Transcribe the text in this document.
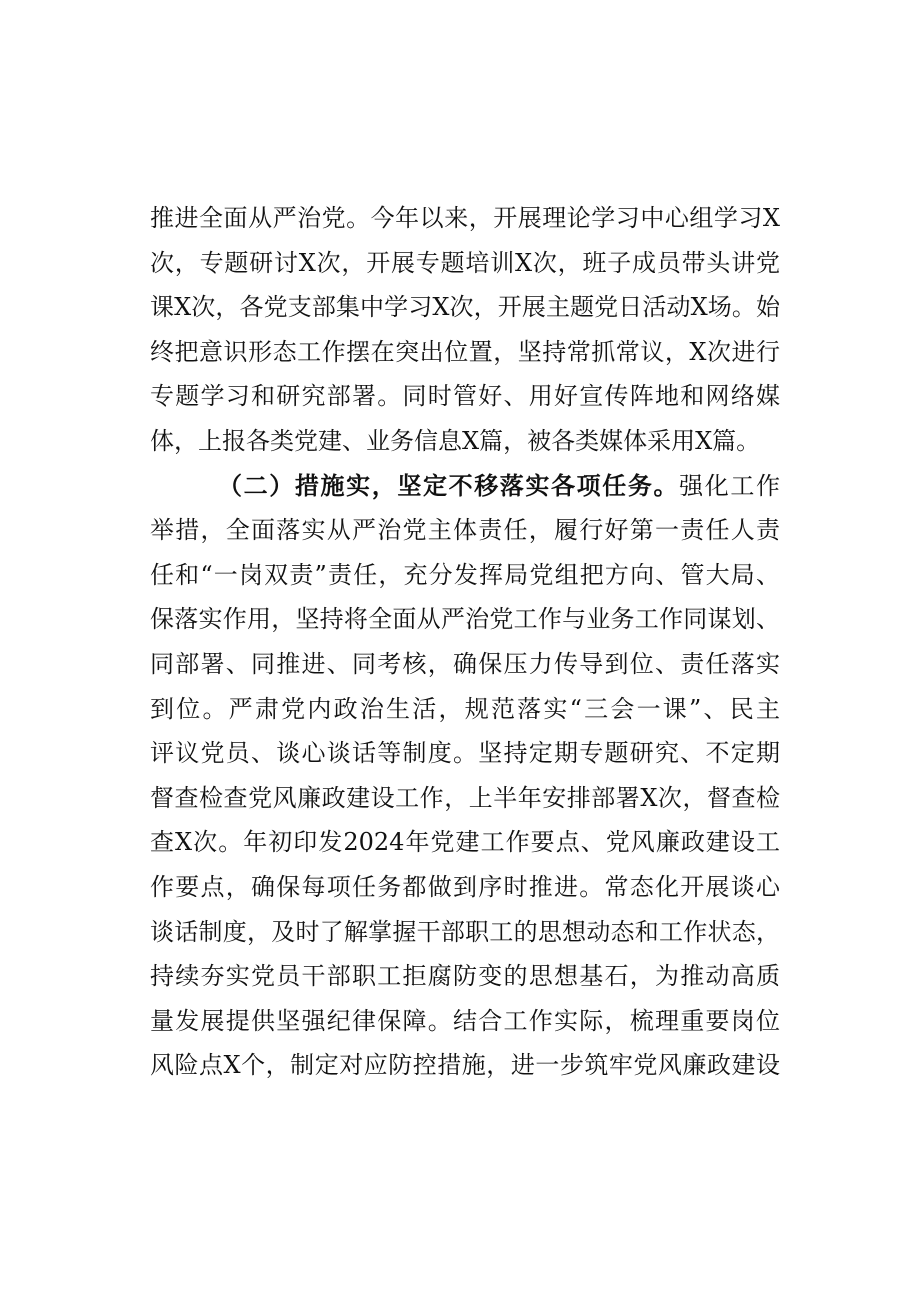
推进全面从严治党。今年以来，开展理论学习中心组学习X
次，专题研讨X次，开展专题培训X次，班子成员带头讲党
课X次，各党支部集中学习X次，开展主题党日活动X场。始
终把意识形态工作摆在突出位置，坚持常抓常议，X次进行
专题学习和研究部署。同时管好、用好宣传阵地和网络媒
体，上报各类党建、业务信息X篇，被各类媒体采用X篇。
（二）措施实，坚定不移落实各项任务。强化工作
举措，全面落实从严治党主体责任，履行好第一责任人责
任和“一岗双责”责任，充分发挥局党组把方向、管大局、
保落实作用，坚持将全面从严治党工作与业务工作同谋划、
同部署、同推进、同考核，确保压力传导到位、责任落实
到位。严肃党内政治生活，规范落实“三会一课”、民主
评议党员、谈心谈话等制度。坚持定期专题研究、不定期
督查检查党风廉政建设工作，上半年安排部署X次，督查检
查X次。年初印发2024年党建工作要点、党风廉政建设工
作要点，确保每项任务都做到序时推进。常态化开展谈心
谈话制度，及时了解掌握干部职工的思想动态和工作状态，
持续夯实党员干部职工拒腐防变的思想基石，为推动高质
量发展提供坚强纪律保障。结合工作实际，梳理重要岗位
风险点X个，制定对应防控措施，进一步筑牢党风廉政建设
